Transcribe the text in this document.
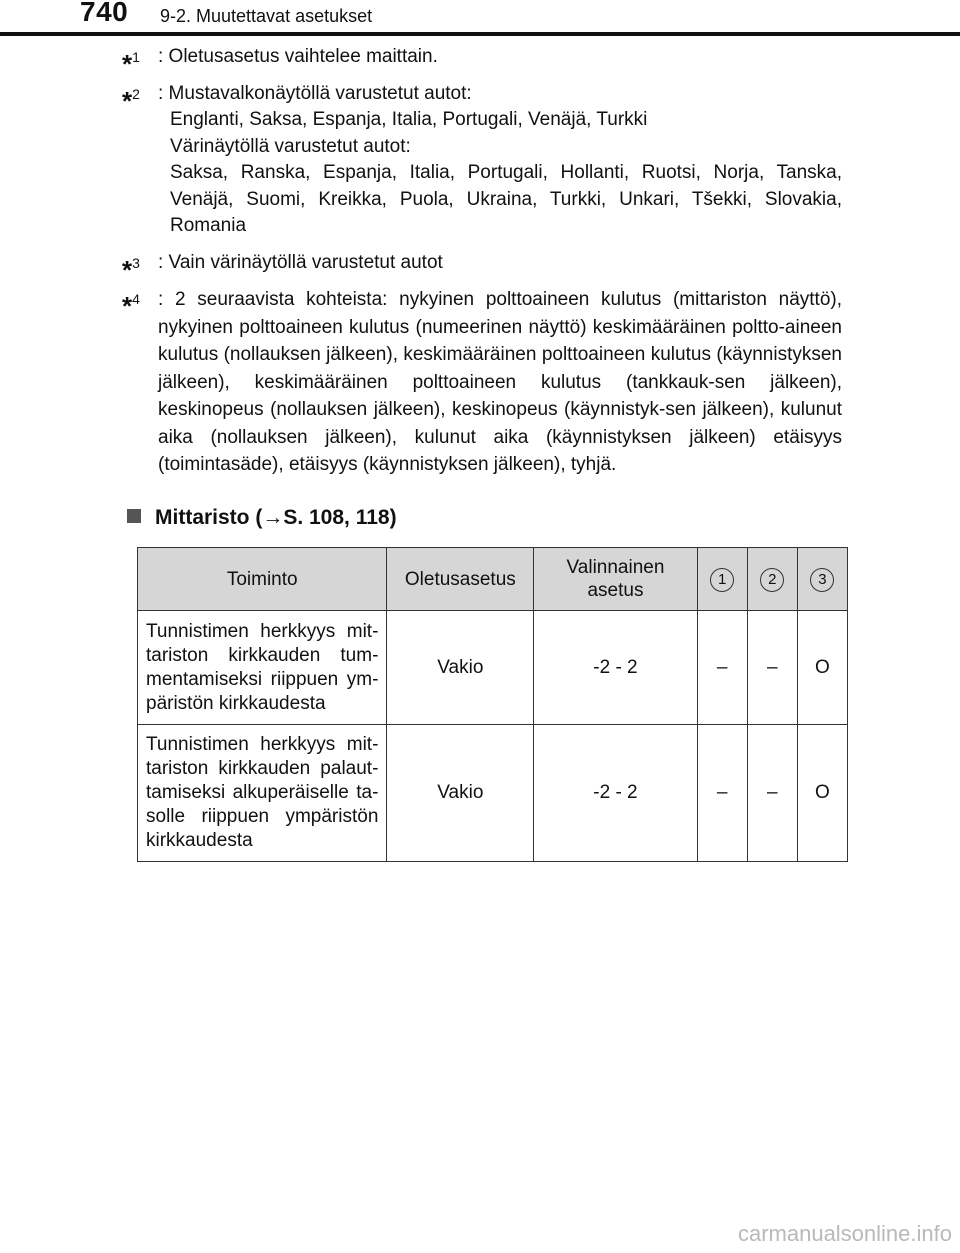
740 9-2. Muutettavat asetukset
*$^1$ : Oletusasetus vaihtelee maittain.
*$^2$ : Mustavalkonäytöllä varustetut autot:
Englanti, Saksa, Espanja, Italia, Portugali, Venäjä, Turkki
Värinäytöllä varustetut autot:
Saksa, Ranska, Espanja, Italia, Portugali, Hollanti, Ruotsi, Norja, Tanska, Venäjä, Suomi, Kreikka, Puola, Ukraina, Turkki, Unkari, Tšekki, Slovakia, Romania
*$^3$ : Vain värinäytöllä varustetut autot
*$^4$ : 2 seuraavista kohteista: nykyinen polttoaineen kulutus (mittariston näyttö), nykyinen polttoaineen kulutus (numeerinen näyttö) keskimääräinen poltto-aineen kulutus (nollauksen jälkeen), keskimääräinen polttoaineen kulutus (käynnistyksen jälkeen), keskimääräinen polttoaineen kulutus (tankkauk-sen jälkeen), keskinopeus (nollauksen jälkeen), keskinopeus (käynnistyk-sen jälkeen), kulunut aika (nollauksen jälkeen), kulunut aika (käynnistyksen jälkeen) etäisyys (toimintasäde), etäisyys (käynnistyksen jälkeen), tyhjä.
Mittaristo (→S. 108, 118)
Toiminto	Oletusasetus	Valinnainen asetus	1	2	3
Tunnistimen herkkyys mit-tariston kirkkauden tum-mentamiseksi riippuen ym-päristön kirkkaudesta	Vakio	-2 - 2	–	–	O
Tunnistimen herkkyys mit-tariston kirkkauden palaut-tamiseksi alkuperäiselle ta-solle riippuen ympäristön kirkkaudesta	Vakio	-2 - 2	–	–	O
carmanualsonline.info
